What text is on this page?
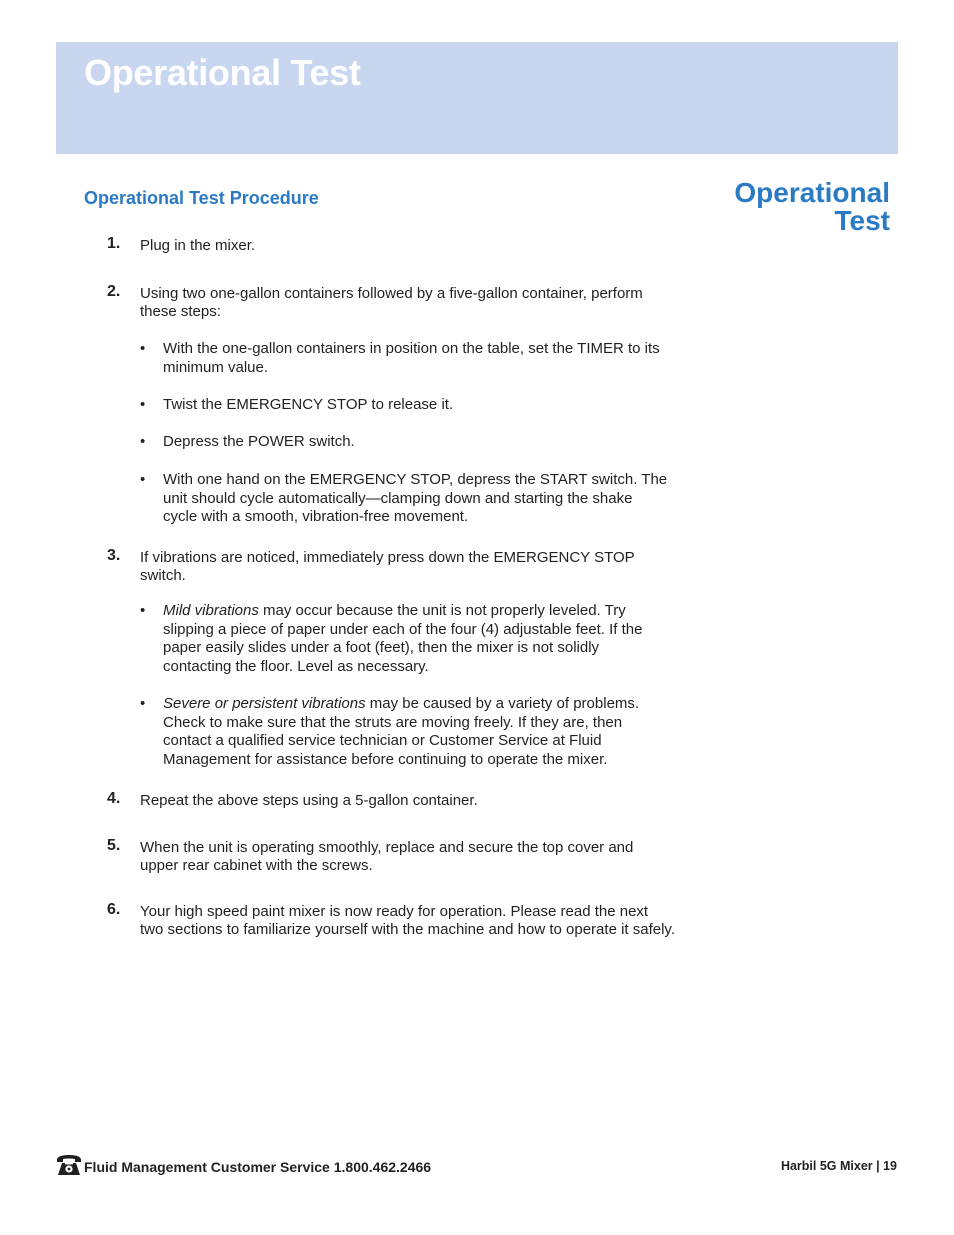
Operational Test
Operational Test Procedure	Operational
Test
1. Plug in the mixer.

2. Using two one-gallon containers followed by a five-gallon container, perform these steps:

• With the one-gallon containers in position on the table, set the TIMER to its minimum value.

• Twist the EMERGENCY STOP to release it.

• Depress the POWER switch.

• With one hand on the EMERGENCY STOP, depress the START switch. The unit should cycle automatically—clamping down and starting the shake cycle with a smooth, vibration-free movement.

3. If vibrations are noticed, immediately press down the EMERGENCY STOP switch.

• Mild vibrations may occur because the unit is not properly leveled. Try slipping a piece of paper under each of the four (4) adjustable feet. If the paper easily slides under a foot (feet), then the mixer is not solidly contacting the floor. Level as necessary.

• Severe or persistent vibrations may be caused by a variety of problems. Check to make sure that the struts are moving freely. If they are, then contact a qualified service technician or Customer Service at Fluid Management for assistance before continuing to operate the mixer.

4. Repeat the above steps using a 5-gallon container.

5. When the unit is operating smoothly, replace and secure the top cover and upper rear cabinet with the screws.

6. Your high speed paint mixer is now ready for operation. Please read the next two sections to familiarize yourself with the machine and how to operate it safely.

Fluid Management Customer Service 1.800.462.2466	Harbil 5G Mixer | 19
